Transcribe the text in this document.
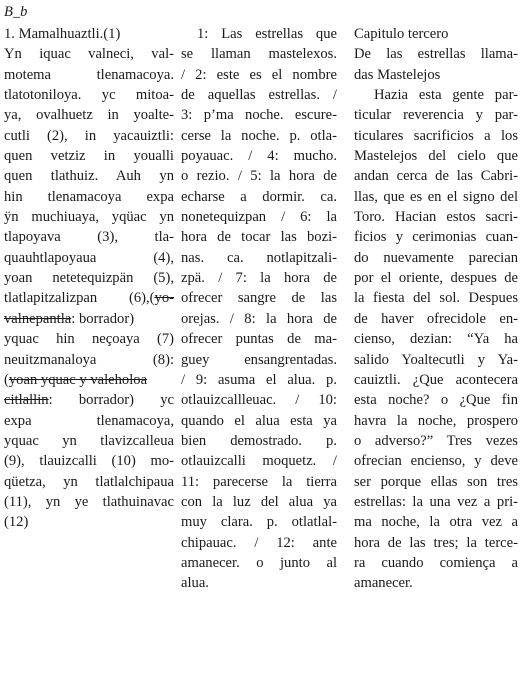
B_b
1. Mamalhuaztli.(1)
Yn iquac valneci, val-
motema tlenamacoya.
tlatotoniloya. yc mitoa-
ya, ovalhuetz in yoalte-
cutli (2), in yacauiztli:
quen vetziz in youalli
quen tlathuiz. Auh yn
hin tlenamacoya expa
ÿn muchiuaya, yqüac yn
tlapoyava (3), tla-
quauhtlapoyaua (4),
yoan netetequizpän (5),
tlatlapitzalizpan (6),(yo-
valnepantla: borrador)
yquac hin neçoaya (7)
neuitzmanaloya (8):
(yoan yquac y valeholoa
citlallin: borrador) yc
expa tlenamacoya,
yquac yn tlavizcalleua
(9), tlauizcalli (10) mo-
qüetza, yn tlatlalchipaua
(11), yn ye tlathuinavac
(12)
1: Las estrellas que
se llaman mastelexos.
/ 2: este es el nombre
de aquellas estrellas. /
3: p’ma noche. escure-
cerse la noche. p. otla-
poyauac. / 4: mucho.
o rezio. / 5: la hora de
echarse a dormir. ca.
nonetequizpan / 6: la
hora de tocar las bozi-
nas. ca. notlapitzali-
zpä. / 7: la hora de
ofrecer sangre de las
orejas. / 8: la hora de
ofrecer puntas de ma-
guey ensangrentadas.
/ 9: asuma el alua. p.
otlauizcallleuac. / 10:
quando el alua esta ya
bien demostrado. p.
otlauizcalli moquetz. /
11: parecerse la tierra
con la luz del alua ya
muy clara. p. otlatlal-
chipauac. / 12: ante
amanecer. o junto al
alua.
Capitulo tercero
De las estrellas llama-
das Mastelejos
Hazia esta gente par-
ticular reverencia y par-
ticulares sacrificios a los
Mastelejos del cielo que
andan cerca de las Cabri-
llas, que es en el signo del
Toro. Hacian estos sacri-
ficios y cerimonias cuan-
do nuevamente parecian
por el oriente, despues de
la fiesta del sol. Despues
de haver ofrecidole en-
cienso, dezian: “Ya ha
salido Yoaltecutli y Ya-
cauiztli. ¿Que acontecera
esta noche? o ¿Que fin
havra la noche, prospero
o adverso?” Tres vezes
ofrecian encienso, y deve
ser porque ellas son tres
estrellas: la una vez a pri-
ma noche, la otra vez a
hora de las tres; la terce-
ra cuando comiença a
amanecer.
